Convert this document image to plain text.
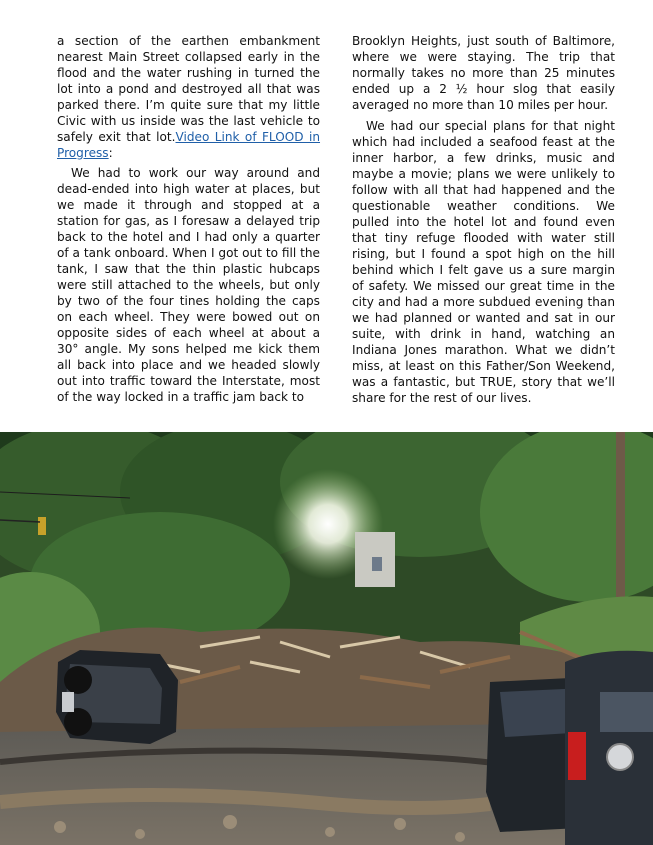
a section of the earthen embankment nearest Main Street collapsed early in the flood and the water rushing in turned the lot into a pond and destroyed all that was parked there. I’m quite sure that my little Civic with us inside was the last vehicle to safely exit that lot.Video Link of FLOOD in Progress:

We had to work our way around and dead-ended into high water at places, but we made it through and stopped at a station for gas, as I foresaw a delayed trip back to the hotel and I had only a quarter of a tank onboard. When I got out to fill the tank, I saw that the thin plastic hubcaps were still attached to the wheels, but only by two of the four tines holding the caps on each wheel. They were bowed out on opposite sides of each wheel at about a 30° angle. My sons helped me kick them all back into place and we headed slowly out into traffic toward the Interstate, most of the way locked in a traffic jam back to

Brooklyn Heights, just south of Baltimore, where we were staying. The trip that normally takes no more than 25 minutes ended up a 2 ½ hour slog that easily averaged no more than 10 miles per hour.

We had our special plans for that night which had included a seafood feast at the inner harbor, a few drinks, music and maybe a movie; plans we were unlikely to follow with all that had happened and the questionable weather conditions. We pulled into the hotel lot and found even that tiny refuge flooded with water still rising, but I found a spot high on the hill behind which I felt gave us a sure margin of safety. We missed our great time in the city and had a more subdued evening than we had planned or wanted and sat in our suite, with drink in hand, watching an Indiana Jones marathon. What we didn’t miss, at least on this Father/Son Weekend, was a fantastic, but TRUE, story that we’ll share for the rest of our lives.
